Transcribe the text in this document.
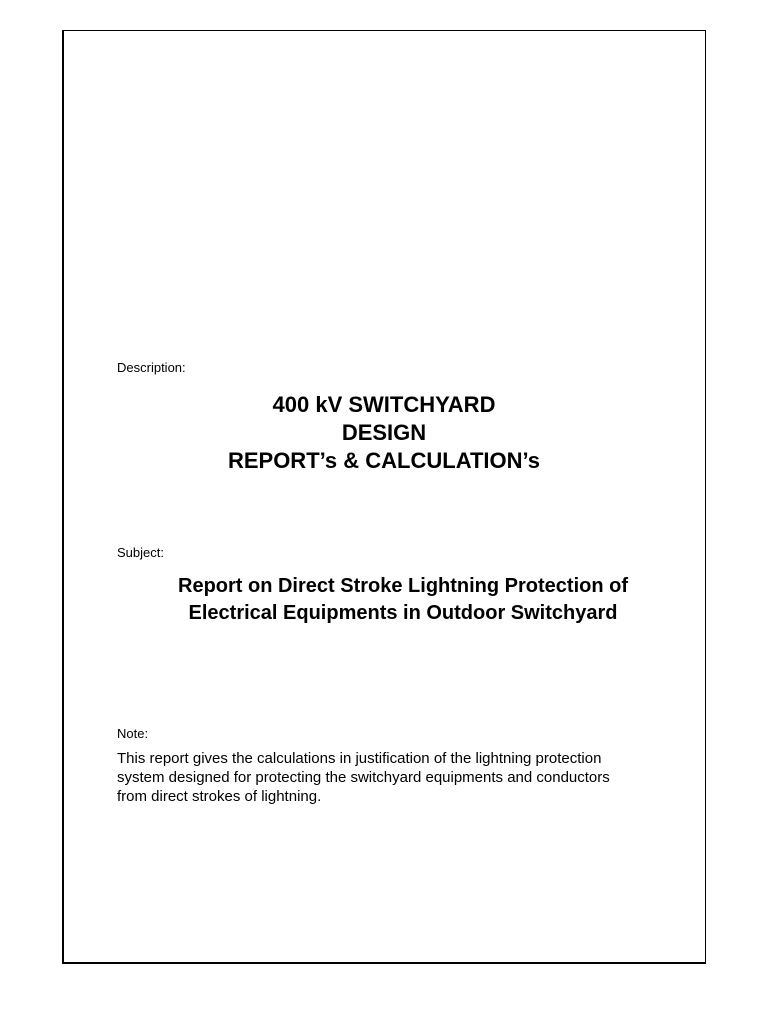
Description:
400 kV SWITCHYARD
DESIGN
REPORT’s & CALCULATION’s
Subject:
Report on Direct Stroke Lightning Protection of
Electrical Equipments in Outdoor Switchyard
Note:
This report gives the calculations in justification of the lightning protection
system designed for protecting the switchyard equipments and conductors
from direct strokes of lightning.
